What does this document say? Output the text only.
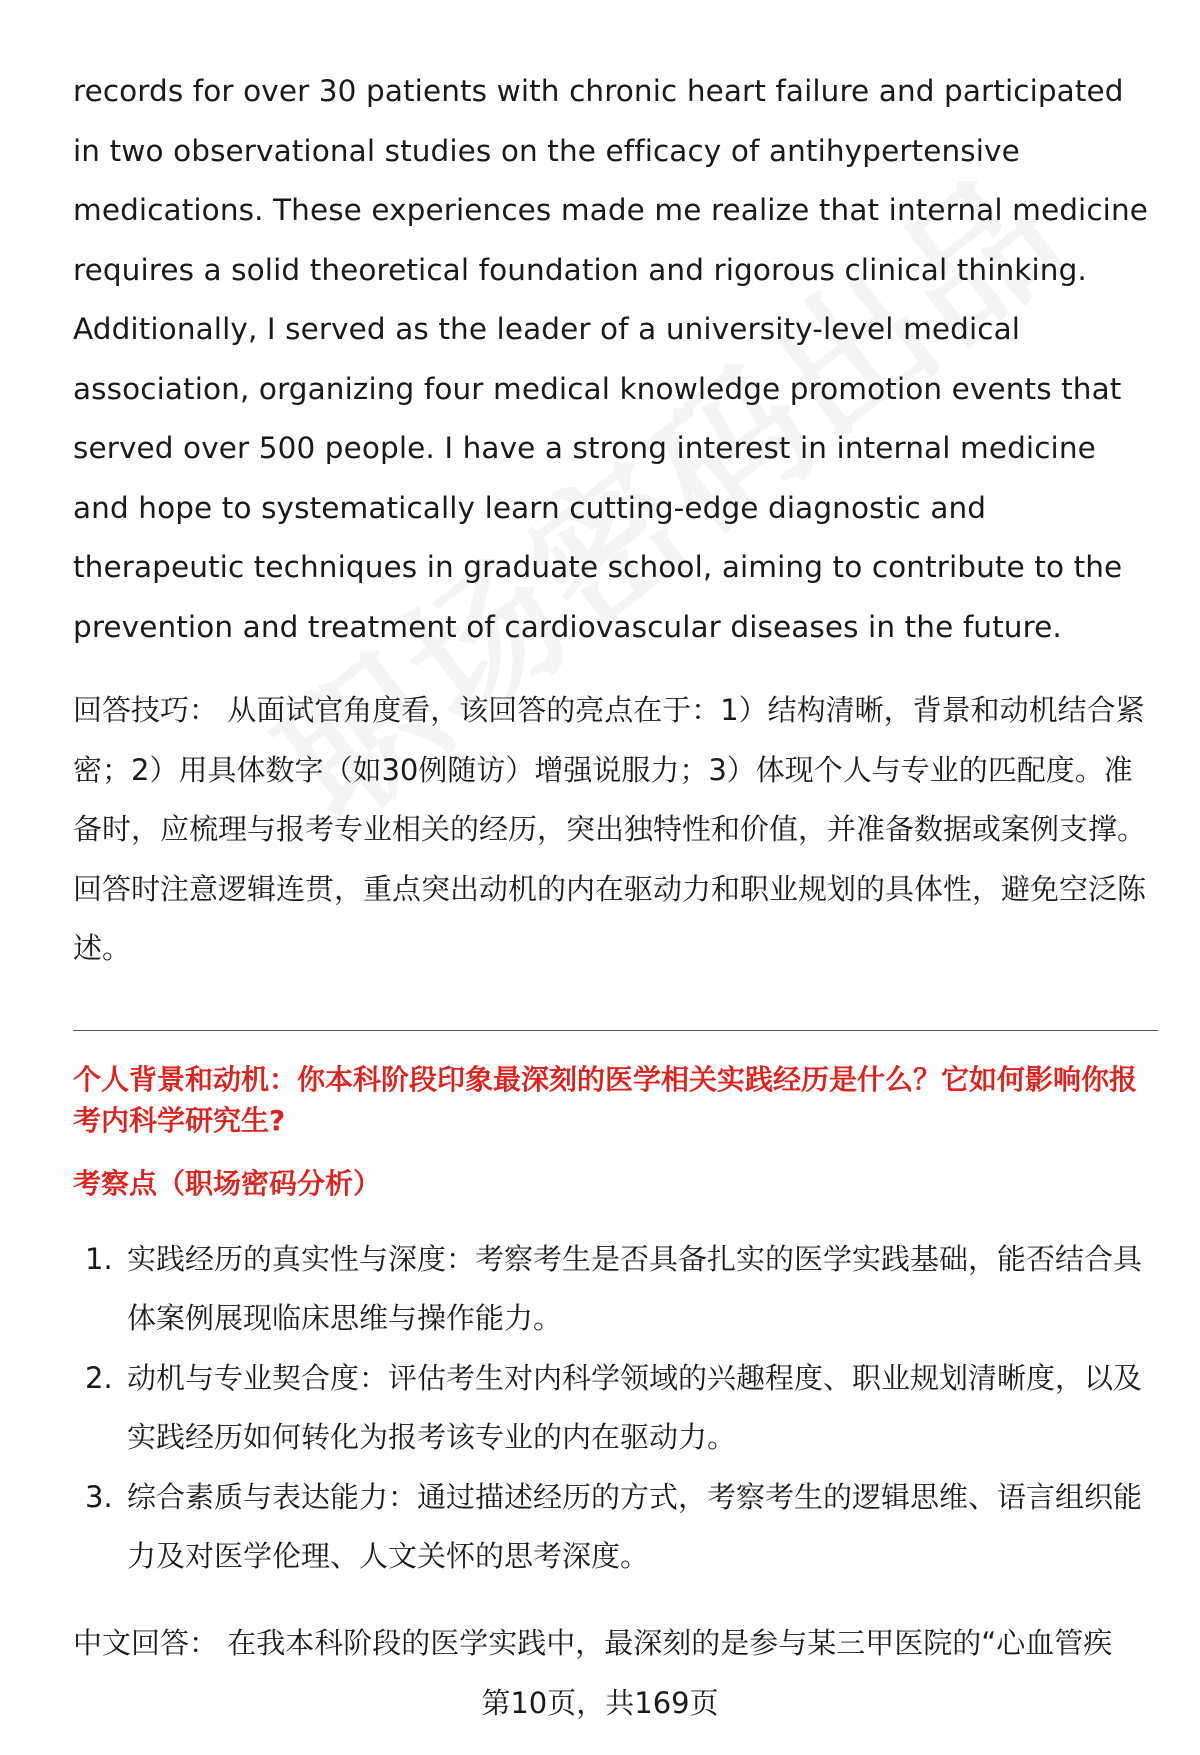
records for over 30 patients with chronic heart failure and participated in two observational studies on the efficacy of antihypertensive medications. These experiences made me realize that internal medicine requires a solid theoretical foundation and rigorous clinical thinking. Additionally, I served as the leader of a university-level medical association, organizing four medical knowledge promotion events that served over 500 people. I have a strong interest in internal medicine and hope to systematically learn cutting-edge diagnostic and therapeutic techniques in graduate school, aiming to contribute to the prevention and treatment of cardiovascular diseases in the future.

回答技巧： 从面试官角度看，该回答的亮点在于：1）结构清晰，背景和动机结合紧密；2）用具体数字（如30例随访）增强说服力；3）体现个人与专业的匹配度。准备时，应梳理与报考专业相关的经历，突出独特性和价值，并准备数据或案例支撑。回答时注意逻辑连贯，重点突出动机的内在驱动力和职业规划的具体性，避免空泛陈述。

个人背景和动机：你本科阶段印象最深刻的医学相关实践经历是什么？它如何影响你报考内科学研究生?
考察点（职场密码分析）
1. 实践经历的真实性与深度：考察考生是否具备扎实的医学实践基础，能否结合具体案例展现临床思维与操作能力。
2. 动机与专业契合度：评估考生对内科学领域的兴趣程度、职业规划清晰度，以及实践经历如何转化为报考该专业的内在驱动力。
3. 综合素质与表达能力：通过描述经历的方式，考察考生的逻辑思维、语言组织能力及对医学伦理、人文关怀的思考深度。

中文回答： 在我本科阶段的医学实践中，最深刻的是参与某三甲医院的“心血管疾

第10页，共169页
